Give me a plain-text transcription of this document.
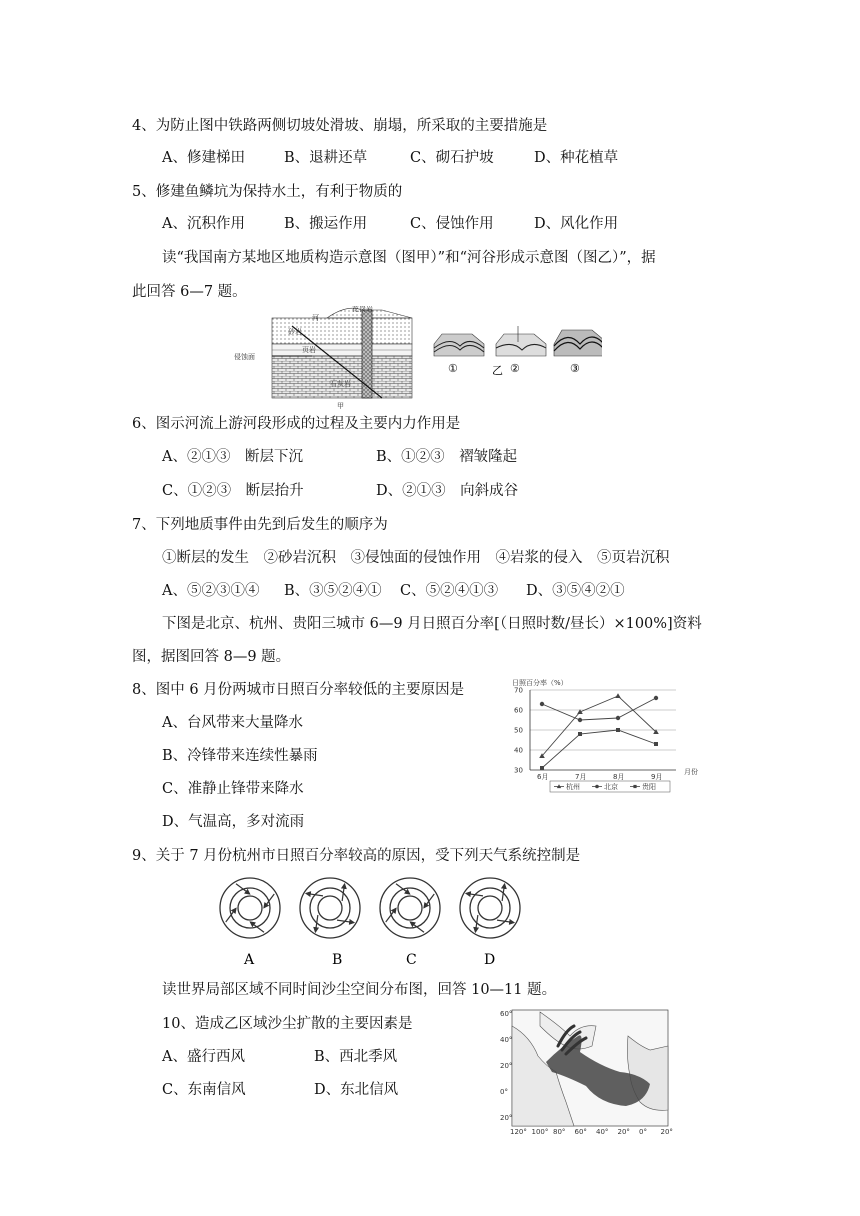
4、为防止图中铁路两侧切坡处滑坡、崩塌，所采取的主要措施是
A、修建梯田	B、退耕还草	C、砌石护坡	D、种花植草
5、修建鱼鳞坑为保持水土，有利于物质的
A、沉积作用	B、搬运作用	C、侵蚀作用	D、风化作用
读“我国南方某地区地质构造示意图（图甲）”和“河谷形成示意图（图乙）”，据
此回答 6—7 题。
花岗岩
河
砂岩
页岩
侵蚀面
石灰岩
甲
①	乙 ②	③
6、图示河流上游河段形成的过程及主要内力作用是
A、②①③　断层下沉	B、①②③　褶皱隆起
C、①②③　断层抬升	D、②①③　向斜成谷
7、下列地质事件由先到后发生的顺序为
①断层的发生　②砂岩沉积　③侵蚀面的侵蚀作用　④岩浆的侵入　⑤页岩沉积
A、⑤②③①④ B、③⑤②④① C、⑤②④①③ D、③⑤④②①
下图是北京、杭州、贵阳三城市 6—9 月日照百分率[（日照时数/昼长）×100%]资料
图，据图回答 8—9 题。
8、图中 6 月份两城市日照百分率较低的主要原因是
A、台风带来大量降水
B、冷锋带来连续性暴雨
C、准静止锋带来降水
D、气温高，多对流雨
日照百分率（%）
30
40
50
60
70
6月	7月	8月	9月
月份
杭州	北京	贵阳
9、关于 7 月份杭州市日照百分率较高的原因，受下列天气系统控制是
A	B	C	D
读世界局部区域不同时间沙尘空间分布图，回答 10—11 题。
10、造成乙区域沙尘扩散的主要因素是
A、盛行西风	B、西北季风
C、东南信风	D、东北信风
60°
40°
20°
0°
20°
120° 100° 80° 60° 40° 20° 0° 20°
